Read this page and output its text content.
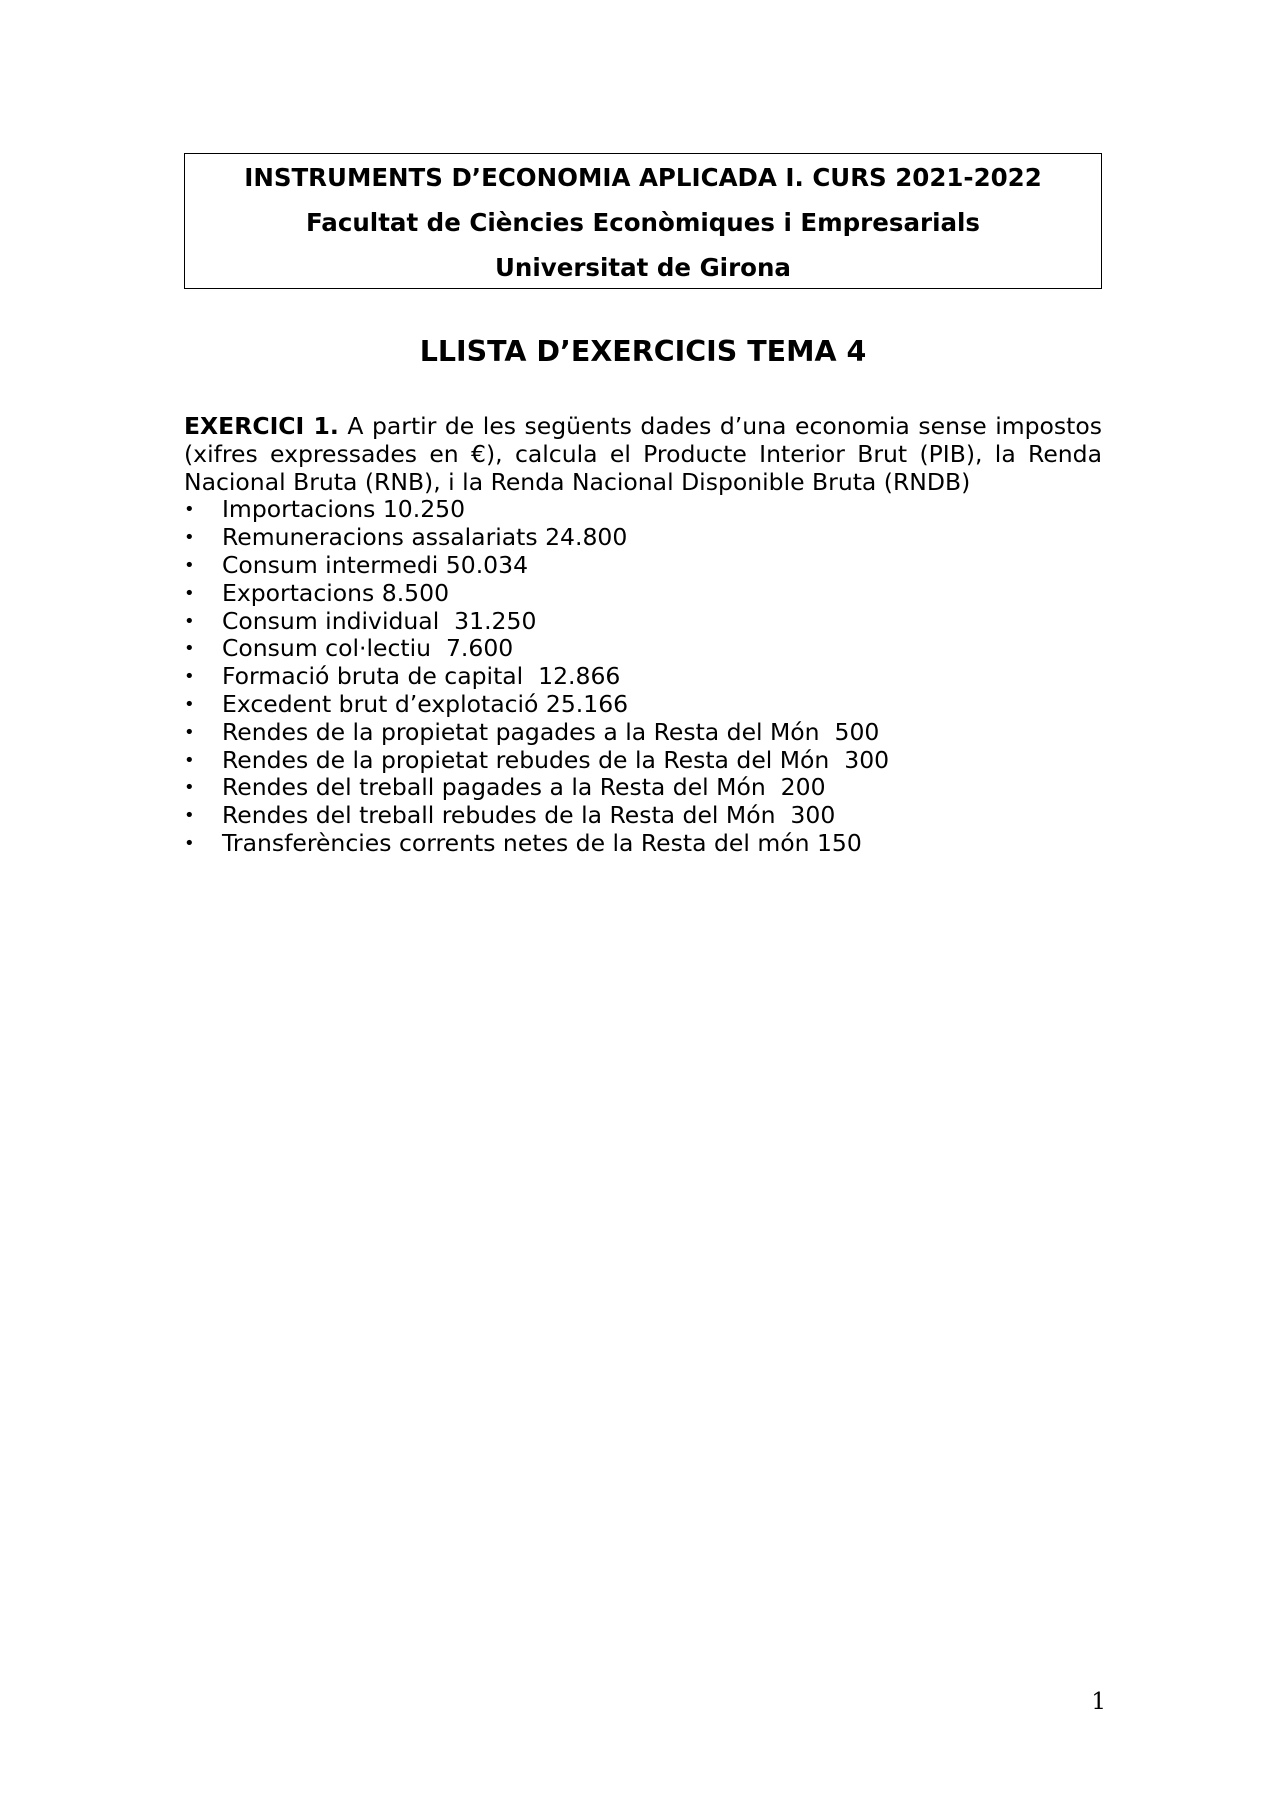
INSTRUMENTS D’ECONOMIA APLICADA I. CURS 2021-2022
Facultat de Ciències Econòmiques i Empresarials
Universitat de Girona
LLISTA D’EXERCICIS TEMA 4

EXERCICI 1. A partir de les següents dades d’una economia sense impostos (xifres expressades en €), calcula el Producte Interior Brut (PIB), la Renda Nacional Bruta (RNB), i la Renda Nacional Disponible Bruta (RNDB)

•	Importacions 10.250
•	Remuneracions assalariats 24.800
•	Consum intermedi 50.034
•	Exportacions 8.500
•	Consum individual  31.250
•	Consum col·lectiu  7.600
•	Formació bruta de capital  12.866
•	Excedent brut d’explotació 25.166
•	Rendes de la propietat pagades a la Resta del Món  500
•	Rendes de la propietat rebudes de la Resta del Món  300
•	Rendes del treball pagades a la Resta del Món  200
•	Rendes del treball rebudes de la Resta del Món  300
•	Transferències corrents netes de la Resta del món 150
1
